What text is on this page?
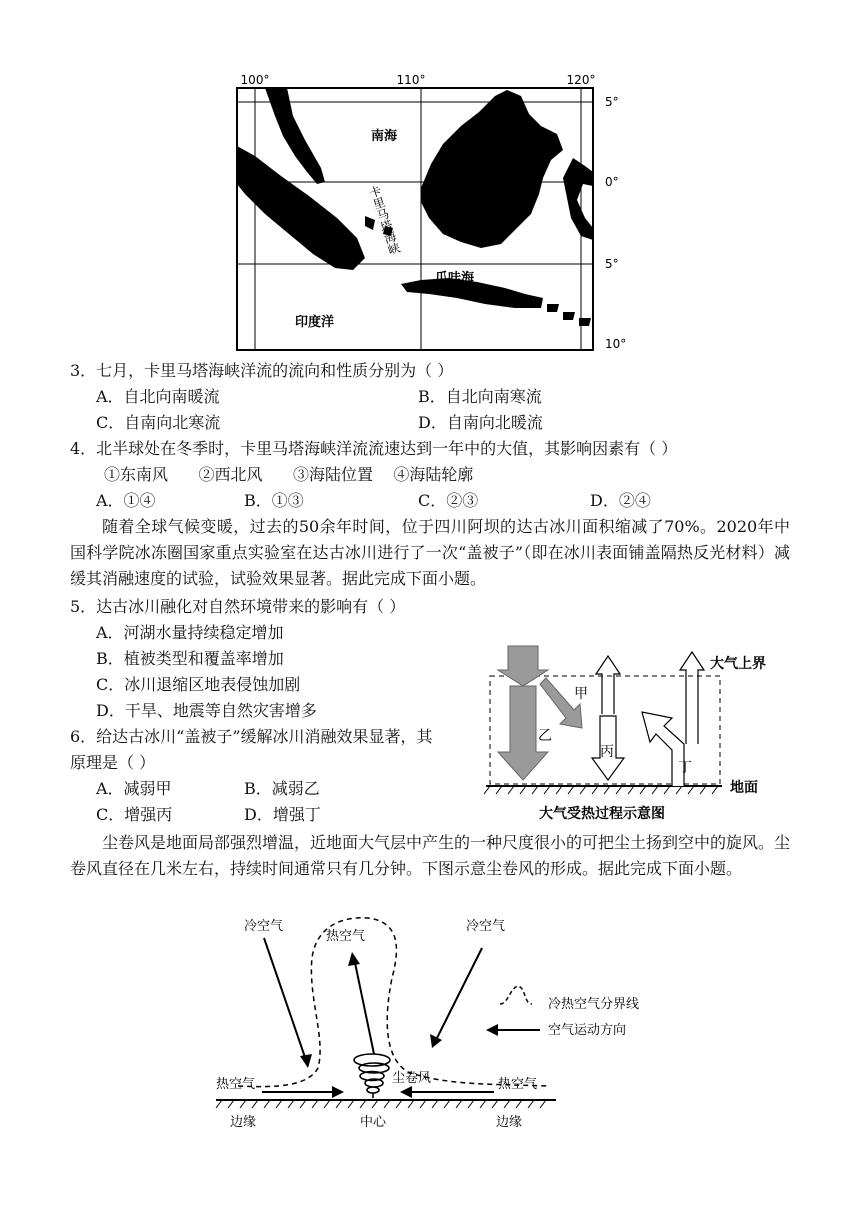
110°
100°	120°
5°
0°
5°
10°
南海
爪哇海
印度洋
卡里马塔海峡
3．七月，卡里马塔海峡洋流的流向和性质分别为（ ）
A．自北向南暖流	B．自北向南寒流
C．自南向北寒流	D．自南向北暖流
4．北半球处在冬季时，卡里马塔海峡洋流流速达到一年中的大值，其影响因素有（ ）
①东南风      ②西北风      ③海陆位置    ④海陆轮廓
A．①④	B．①③	C．②③	D．②④
随着全球气候变暖，过去的50余年时间，位于四川阿坝的达古冰川面积缩减了70%。2020年中国科学院冰冻圈国家重点实验室在达古冰川进行了一次“盖被子”（即在冰川表面铺盖隔热反光材料）减缓其消融速度的试验，试验效果显著。据此完成下面小题。
5．达古冰川融化对自然环境带来的影响有（ ）
A．河湖水量持续稳定增加
B．植被类型和覆盖率增加
C．冰川退缩区地表侵蚀加剧
D．干旱、地震等自然灾害增多
6．给达古冰川“盖被子”缓解冰川消融效果显著，其
原理是（ ）
A．减弱甲	B．减弱乙
C．增强丙	D．增强丁
大气上界
地面
甲
乙
丙
丁
大气受热过程示意图
尘卷风是地面局部强烈增温，近地面大气层中产生的一种尺度很小的可把尘土扬到空中的旋风。尘卷风直径在几米左右，持续时间通常只有几分钟。下图示意尘卷风的形成。据此完成下面小题。
冷热空气分界线
空气运动方向
冷空气	冷空气
热空气
热空气	热空气
尘卷风
边缘	中心	边缘
